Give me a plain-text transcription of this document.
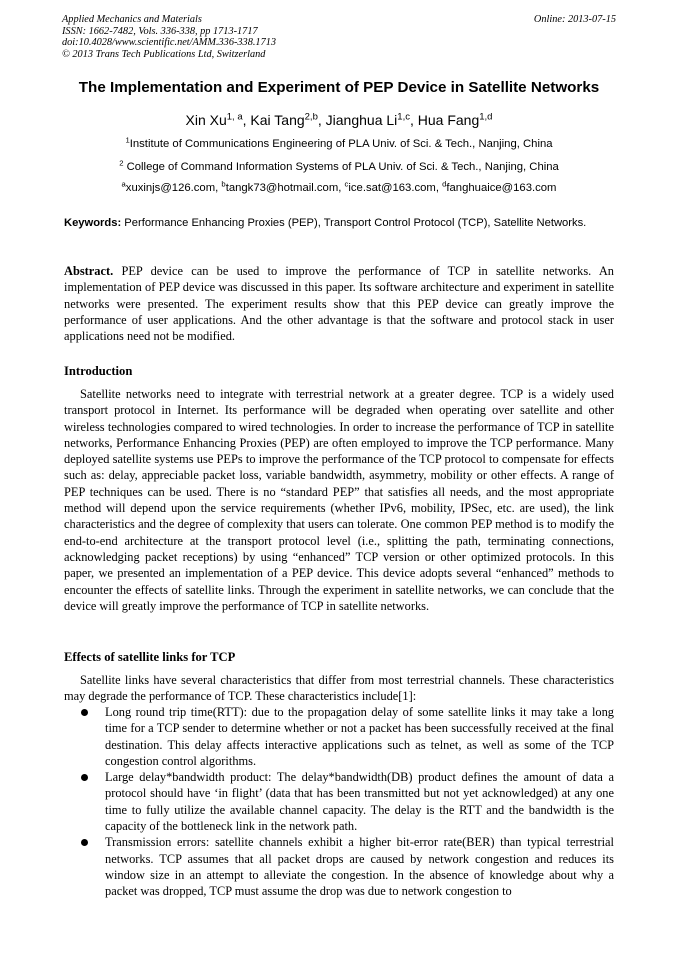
Applied Mechanics and Materials
ISSN: 1662-7482, Vols. 336-338, pp 1713-1717
doi:10.4028/www.scientific.net/AMM.336-338.1713
© 2013 Trans Tech Publications Ltd, Switzerland
Online: 2013-07-15
The Implementation and Experiment of PEP Device in Satellite Networks
Xin Xu$^{1, a}$, Kai Tang$^{2,b}$, Jianghua Li$^{1,c}$, Hua Fang$^{1,d}$
$^1$Institute of Communications Engineering of PLA Univ. of Sci. & Tech., Nanjing, China
$^2$ College of Command Information Systems of PLA Univ. of Sci. & Tech., Nanjing, China
$^a$xuxinjs@126.com, $^b$tangk73@hotmail.com, $^c$ice.sat@163.com, $^d$fanghuaice@163.com
Keywords: Performance Enhancing Proxies (PEP), Transport Control Protocol (TCP), Satellite Networks.

Abstract. PEP device can be used to improve the performance of TCP in satellite networks. An implementation of PEP device was discussed in this paper. Its software architecture and experiment in satellite networks were presented. The experiment results show that this PEP device can greatly improve the performance of user applications. And the other advantage is that the software and protocol stack in user applications need not be modified.

Introduction

Satellite networks need to integrate with terrestrial network at a greater degree. TCP is a widely used transport protocol in Internet. Its performance will be degraded when operating over satellite and other wireless technologies compared to wired technologies. In order to increase the performance of TCP in satellite networks, Performance Enhancing Proxies (PEP) are often employed to improve the TCP performance. Many deployed satellite systems use PEPs to improve the performance of the TCP protocol to compensate for effects such as: delay, appreciable packet loss, variable bandwidth, asymmetry, mobility or other effects. A range of PEP techniques can be used. There is no “standard PEP” that satisfies all needs, and the most appropriate method will depend upon the service requirements (whether IPv6, mobility, IPSec, etc. are used), the link characteristics and the degree of complexity that users can tolerate. One common PEP method is to modify the end-to-end architecture at the transport protocol level (i.e., splitting the path, terminating connections, acknowledging packet receptions) by using “enhanced” TCP version or other optimized protocols. In this paper, we presented an implementation of a PEP device. This device adopts several “enhanced” methods to encounter the effects of satellite links. Through the experiment in satellite networks, we can conclude that the device will greatly improve the performance of TCP in satellite networks.

Effects of satellite links for TCP

Satellite links have several characteristics that differ from most terrestrial channels. These characteristics may degrade the performance of TCP. These characteristics include[1]:

Long round trip time(RTT): due to the propagation delay of some satellite links it may take a long time for a TCP sender to determine whether or not a packet has been successfully received at the final destination. This delay affects interactive applications such as telnet, as well as some of the TCP congestion control algorithms.
Large delay*bandwidth product: The delay*bandwidth(DB) product defines the amount of data a protocol should have ‘in flight’ (data that has been transmitted but not yet acknowledged) at any one time to fully utilize the available channel capacity. The delay is the RTT and the bandwidth is the capacity of the bottleneck link in the network path.
Transmission errors: satellite channels exhibit a higher bit-error rate(BER) than typical terrestrial networks. TCP assumes that all packet drops are caused by network congestion and reduces its window size in an attempt to alleviate the congestion. In the absence of knowledge about why a packet was dropped, TCP must assume the drop was due to network congestion to
